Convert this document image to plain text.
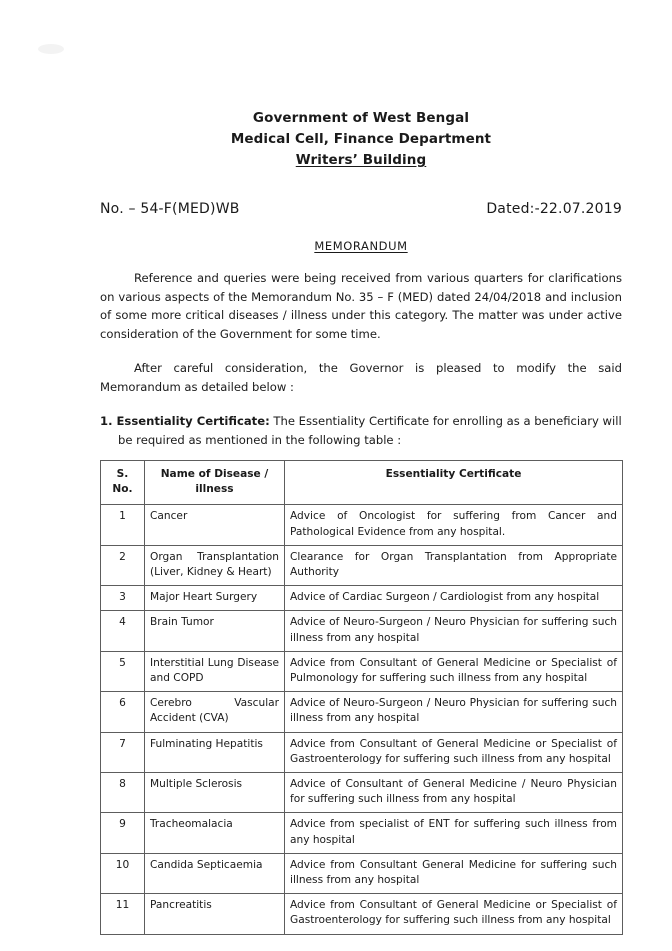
Government of West Bengal
Medical Cell, Finance Department
Writers’ Building
No. – 54-F(MED)WB	Dated:-22.07.2019
MEMORANDUM

Reference and queries were being received from various quarters for clarifications on various aspects of the Memorandum No. 35 – F (MED) dated 24/04/2018 and inclusion of some more critical diseases / illness under this category. The matter was under active consideration of the Government for some time.

After careful consideration, the Governor is pleased to modify the said Memorandum as detailed below :

1. Essentiality Certificate: The Essentiality Certificate for enrolling as a beneficiary will
be required as mentioned in the following table :

S. No.	Name of Disease / illness	Essentiality Certificate
1	Cancer	Advice of Oncologist for suffering from Cancer and Pathological Evidence from any hospital.
2	Organ Transplantation (Liver, Kidney & Heart)	Clearance for Organ Transplantation from Appropriate Authority
3	Major Heart Surgery	Advice of Cardiac Surgeon / Cardiologist from any hospital
4	Brain Tumor	Advice of Neuro-Surgeon / Neuro Physician for suffering such illness from any hospital
5	Interstitial Lung Disease and COPD	Advice from Consultant of General Medicine or Specialist of Pulmonology for suffering such illness from any hospital
6	Cerebro Vascular Accident (CVA)	Advice of Neuro-Surgeon / Neuro Physician for suffering such illness from any hospital
7	Fulminating Hepatitis	Advice from Consultant of General Medicine or Specialist of Gastroenterology for suffering such illness from any hospital
8	Multiple Sclerosis	Advice of Consultant of General Medicine / Neuro Physician for suffering such illness from any hospital
9	Tracheomalacia	Advice from specialist of ENT for suffering such illness from any hospital
10	Candida Septicaemia	Advice from Consultant General Medicine for suffering such illness from any hospital
11	Pancreatitis	Advice from Consultant of General Medicine or Specialist of Gastroenterology for suffering such illness from any hospital
